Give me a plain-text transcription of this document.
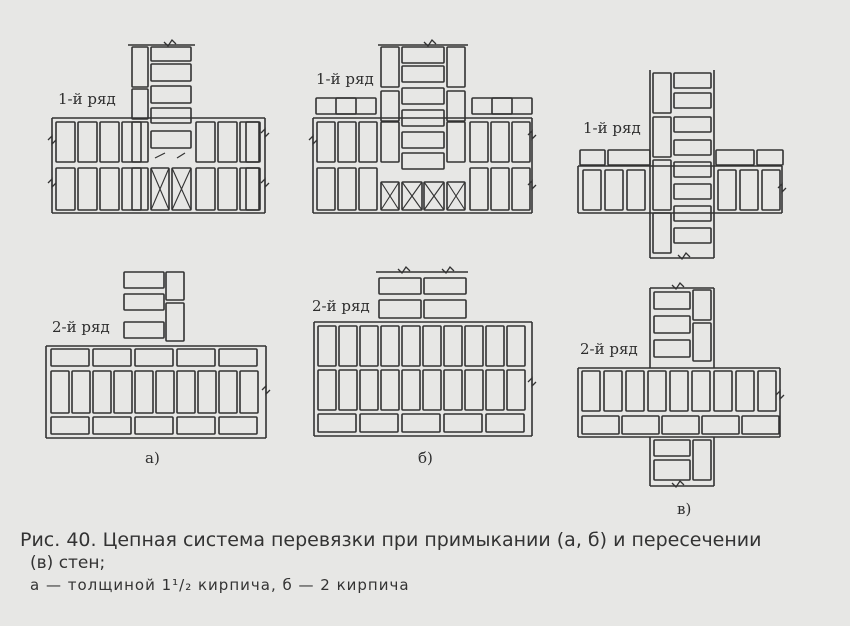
1-й ряд
2-й ряд
1-й ряд
2-й ряд
1-й ряд
2-й ряд
а)	б)
в)
Рис. 40. Цепная система перевязки при примыкании (а, б) и пересечении
(в) стен;
а — толщиной 1¹/₂ кирпича, б — 2 кирпича
